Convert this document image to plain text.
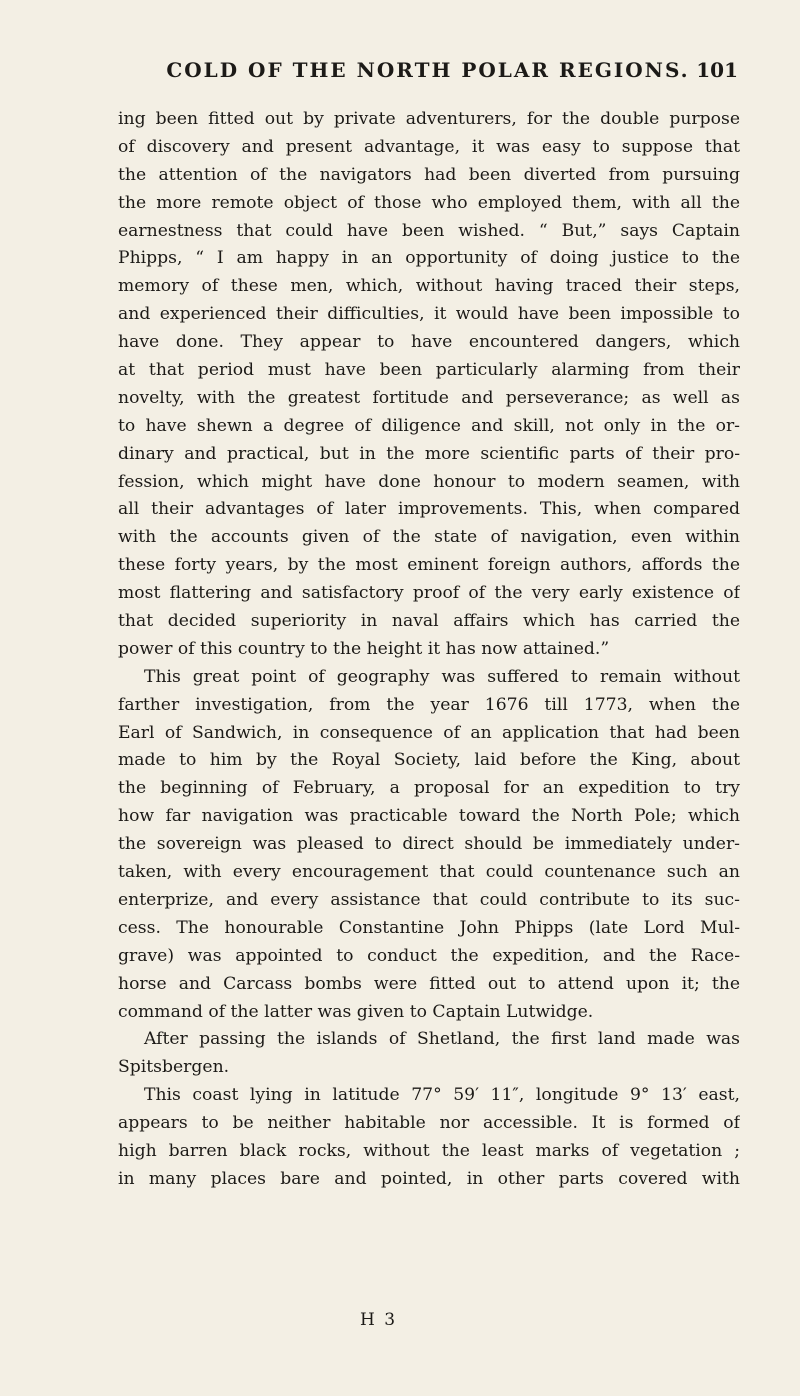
COLD OF THE NORTH POLAR REGIONS. 101
ing been fitted out by private adventurers, for the double purpose
of discovery and present advantage, it was easy to suppose that
the attention of the navigators had been diverted from pursuing
the more remote object of those who employed them, with all the
earnestness that could have been wished. “ But,” says Captain
Phipps, “ I am happy in an opportunity of doing justice to the
memory of these men, which, without having traced their steps,
and experienced their difficulties, it would have been impossible to
have done. They appear to have encountered dangers, which
at that period must have been particularly alarming from their
novelty, with the greatest fortitude and perseverance; as well as
to have shewn a degree of diligence and skill, not only in the or-
dinary and practical, but in the more scientific parts of their pro-
fession, which might have done honour to modern seamen, with
all their advantages of later improvements. This, when compared
with the accounts given of the state of navigation, even within
these forty years, by the most eminent foreign authors, affords the
most flattering and satisfactory proof of the very early existence of
that decided superiority in naval affairs which has carried the
power of this country to the height it has now attained.”
This great point of geography was suffered to remain without
farther investigation, from the year 1676 till 1773, when the
Earl of Sandwich, in consequence of an application that had been
made to him by the Royal Society, laid before the King, about
the beginning of February, a proposal for an expedition to try
how far navigation was practicable toward the North Pole; which
the sovereign was pleased to direct should be immediately under-
taken, with every encouragement that could countenance such an
enterprize, and every assistance that could contribute to its suc-
cess. The honourable Constantine John Phipps (late Lord Mul-
grave) was appointed to conduct the expedition, and the Race-
horse and Carcass bombs were fitted out to attend upon it; the
command of the latter was given to Captain Lutwidge.
After passing the islands of Shetland, the first land made was
Spitsbergen.
This coast lying in latitude 77° 59′ 11″, longitude 9° 13′ east,
appears to be neither habitable nor accessible. It is formed of
high barren black rocks, without the least marks of vegetation ;
in many places bare and pointed, in other parts covered with
H 3
